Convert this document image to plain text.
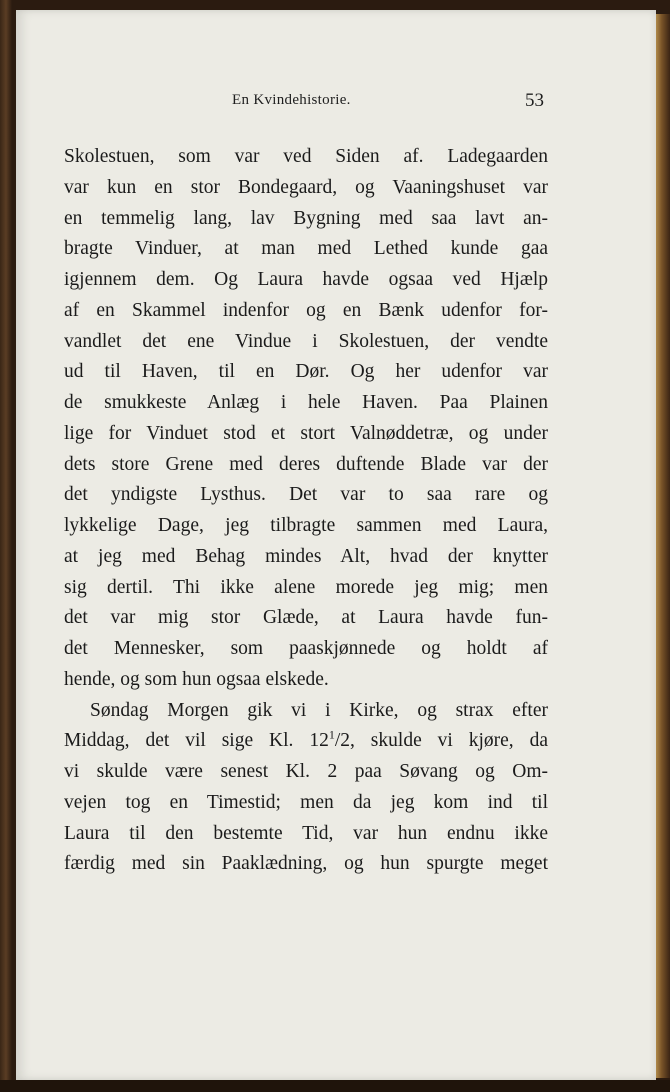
En Kvindehistorie.	53
Skolestuen, som var ved Siden af. Ladegaarden
var kun en stor Bondegaard, og Vaaningshuset var
en temmelig lang, lav Bygning med saa lavt an-
bragte Vinduer, at man med Lethed kunde gaa
igjennem dem. Og Laura havde ogsaa ved Hjælp
af en Skammel indenfor og en Bænk udenfor for-
vandlet det ene Vindue i Skolestuen, der vendte
ud til Haven, til en Dør. Og her udenfor var
de smukkeste Anlæg i hele Haven. Paa Plainen
lige for Vinduet stod et stort Valnøddetræ, og under
dets store Grene med deres duftende Blade var der
det yndigste Lysthus. Det var to saa rare og
lykkelige Dage, jeg tilbragte sammen med Laura,
at jeg med Behag mindes Alt, hvad der knytter
sig dertil. Thi ikke alene morede jeg mig; men
det var mig stor Glæde, at Laura havde fun-
det Mennesker, som paaskjønnede og holdt af
hende, og som hun ogsaa elskede.
Søndag Morgen gik vi i Kirke, og strax efter
Middag, det vil sige Kl. $12^1/2$, skulde vi kjøre, da
vi skulde være senest Kl. 2 paa Søvang og Om-
vejen tog en Timestid; men da jeg kom ind til
Laura til den bestemte Tid, var hun endnu ikke
færdig med sin Paaklædning, og hun spurgte meget
